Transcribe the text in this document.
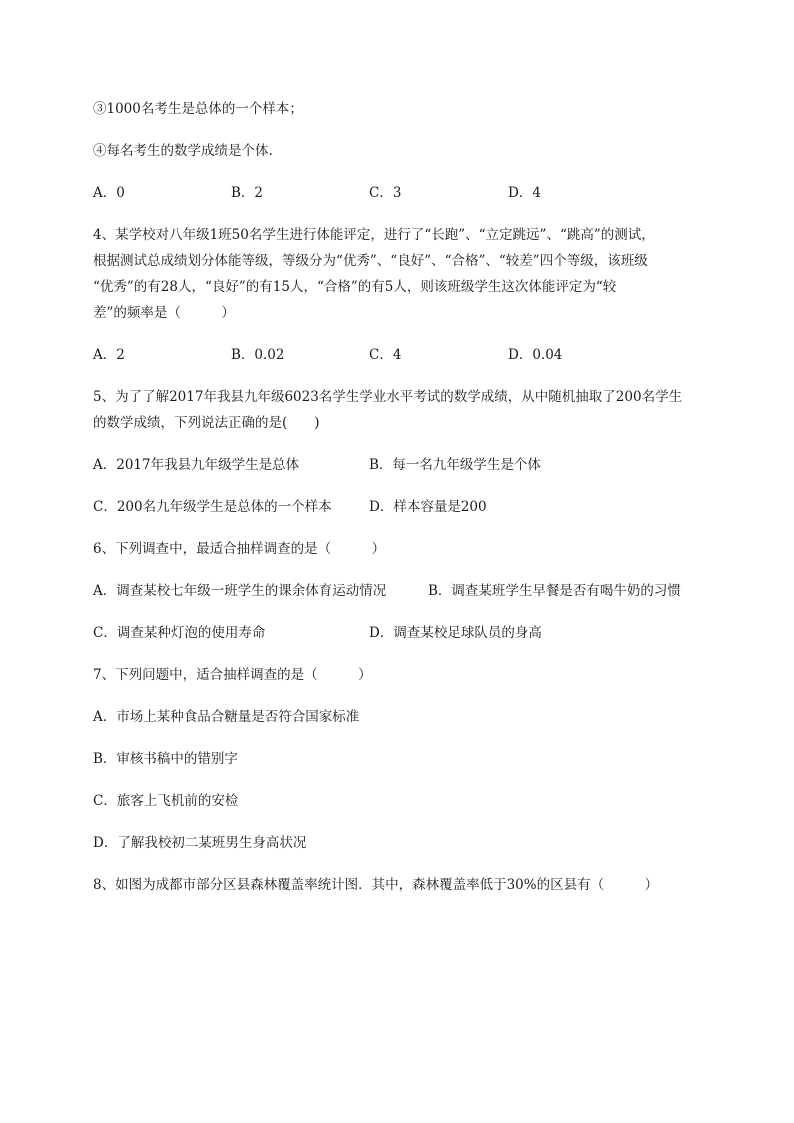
③1000名考生是总体的一个样本；
④每名考生的数学成绩是个体.
A．0	B．2	C．3	D．4
4、某学校对八年级1班50名学生进行体能评定，进行了“长跑”、“立定跳远”、“跳高”的测试，
根据测试总成绩划分体能等级，等级分为“优秀”、“良好”、“合格”、“较差”四个等级，该班级
“优秀”的有28人，“良好”的有15人，“合格”的有5人，则该班级学生这次体能评定为“较
差”的频率是（　　　）
A．2	B．0.02	C．4	D．0.04
5、为了了解2017年我县九年级6023名学生学业水平考试的数学成绩，从中随机抽取了200名学生
的数学成绩，下列说法正确的是(　　)
A．2017年我县九年级学生是总体	B．每一名九年级学生是个体
C．200名九年级学生是总体的一个样本	D．样本容量是200
6、下列调查中，最适合抽样调查的是（　　　）
A．调查某校七年级一班学生的课余体育运动情况	B．调查某班学生早餐是否有喝牛奶的习惯
C．调查某种灯泡的使用寿命	D．调查某校足球队员的身高
7、下列问题中，适合抽样调查的是（　　　）
A．市场上某种食品合糖量是否符合国家标准
B．审核书稿中的错别字
C．旅客上飞机前的安检
D．了解我校初二某班男生身高状况
8、如图为成都市部分区县森林覆盖率统计图．其中，森林覆盖率低于30%的区县有（　　　）
